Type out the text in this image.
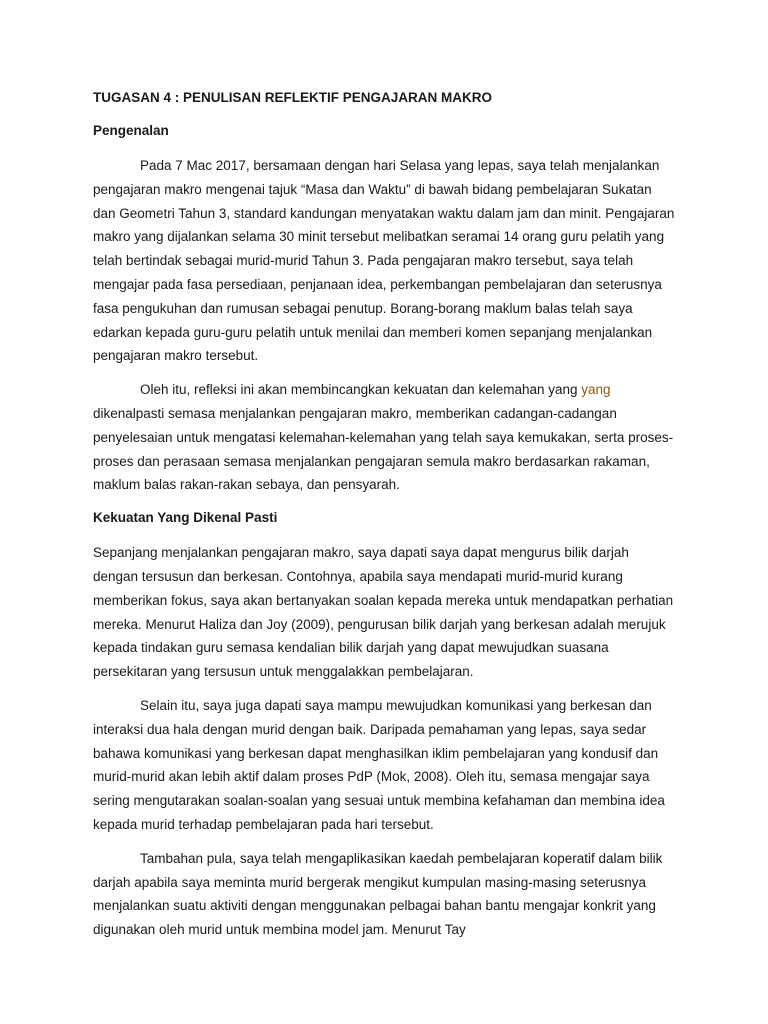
TUGASAN 4 : PENULISAN REFLEKTIF PENGAJARAN MAKRO
Pengenalan

Pada 7 Mac 2017, bersamaan dengan hari Selasa yang lepas, saya telah menjalankan pengajaran makro mengenai tajuk “Masa dan Waktu” di bawah bidang pembelajaran Sukatan dan Geometri Tahun 3, standard kandungan menyatakan waktu dalam jam dan minit. Pengajaran makro yang dijalankan selama 30 minit tersebut melibatkan seramai 14 orang guru pelatih yang telah bertindak sebagai murid-murid Tahun 3. Pada pengajaran makro tersebut, saya telah mengajar pada fasa persediaan, penjanaan idea, perkembangan pembelajaran dan seterusnya fasa pengukuhan dan rumusan sebagai penutup. Borang-borang maklum balas telah saya edarkan kepada guru-guru pelatih untuk menilai dan memberi komen sepanjang menjalankan pengajaran makro tersebut.

Oleh itu, refleksi ini akan membincangkan kekuatan dan kelemahan yang yang
dikenalpasti semasa menjalankan pengajaran makro, memberikan cadangan-cadangan penyelesaian untuk mengatasi kelemahan-kelemahan yang telah saya kemukakan, serta proses-proses dan perasaan semasa menjalankan pengajaran semula makro berdasarkan rakaman, maklum balas rakan-rakan sebaya, dan pensyarah.

Kekuatan Yang Dikenal Pasti

Sepanjang menjalankan pengajaran makro, saya dapati saya dapat mengurus bilik darjah dengan tersusun dan berkesan. Contohnya, apabila saya mendapati murid-murid kurang memberikan fokus, saya akan bertanyakan soalan kepada mereka untuk mendapatkan perhatian mereka. Menurut Haliza dan Joy (2009), pengurusan bilik darjah yang berkesan adalah merujuk kepada tindakan guru semasa kendalian bilik darjah yang dapat mewujudkan suasana persekitaran yang tersusun untuk menggalakkan pembelajaran.

Selain itu, saya juga dapati saya mampu mewujudkan komunikasi yang berkesan dan interaksi dua hala dengan murid dengan baik. Daripada pemahaman yang lepas, saya sedar bahawa komunikasi yang berkesan dapat menghasilkan iklim pembelajaran yang kondusif dan murid-murid akan lebih aktif dalam proses PdP (Mok, 2008). Oleh itu, semasa mengajar saya sering mengutarakan soalan-soalan yang sesuai untuk membina kefahaman dan membina idea kepada murid terhadap pembelajaran pada hari tersebut.

Tambahan pula, saya telah mengaplikasikan kaedah pembelajaran koperatif dalam bilik darjah apabila saya meminta murid bergerak mengikut kumpulan masing-masing seterusnya menjalankan suatu aktiviti dengan menggunakan pelbagai bahan bantu mengajar konkrit yang digunakan oleh murid untuk membina model jam. Menurut Tay
